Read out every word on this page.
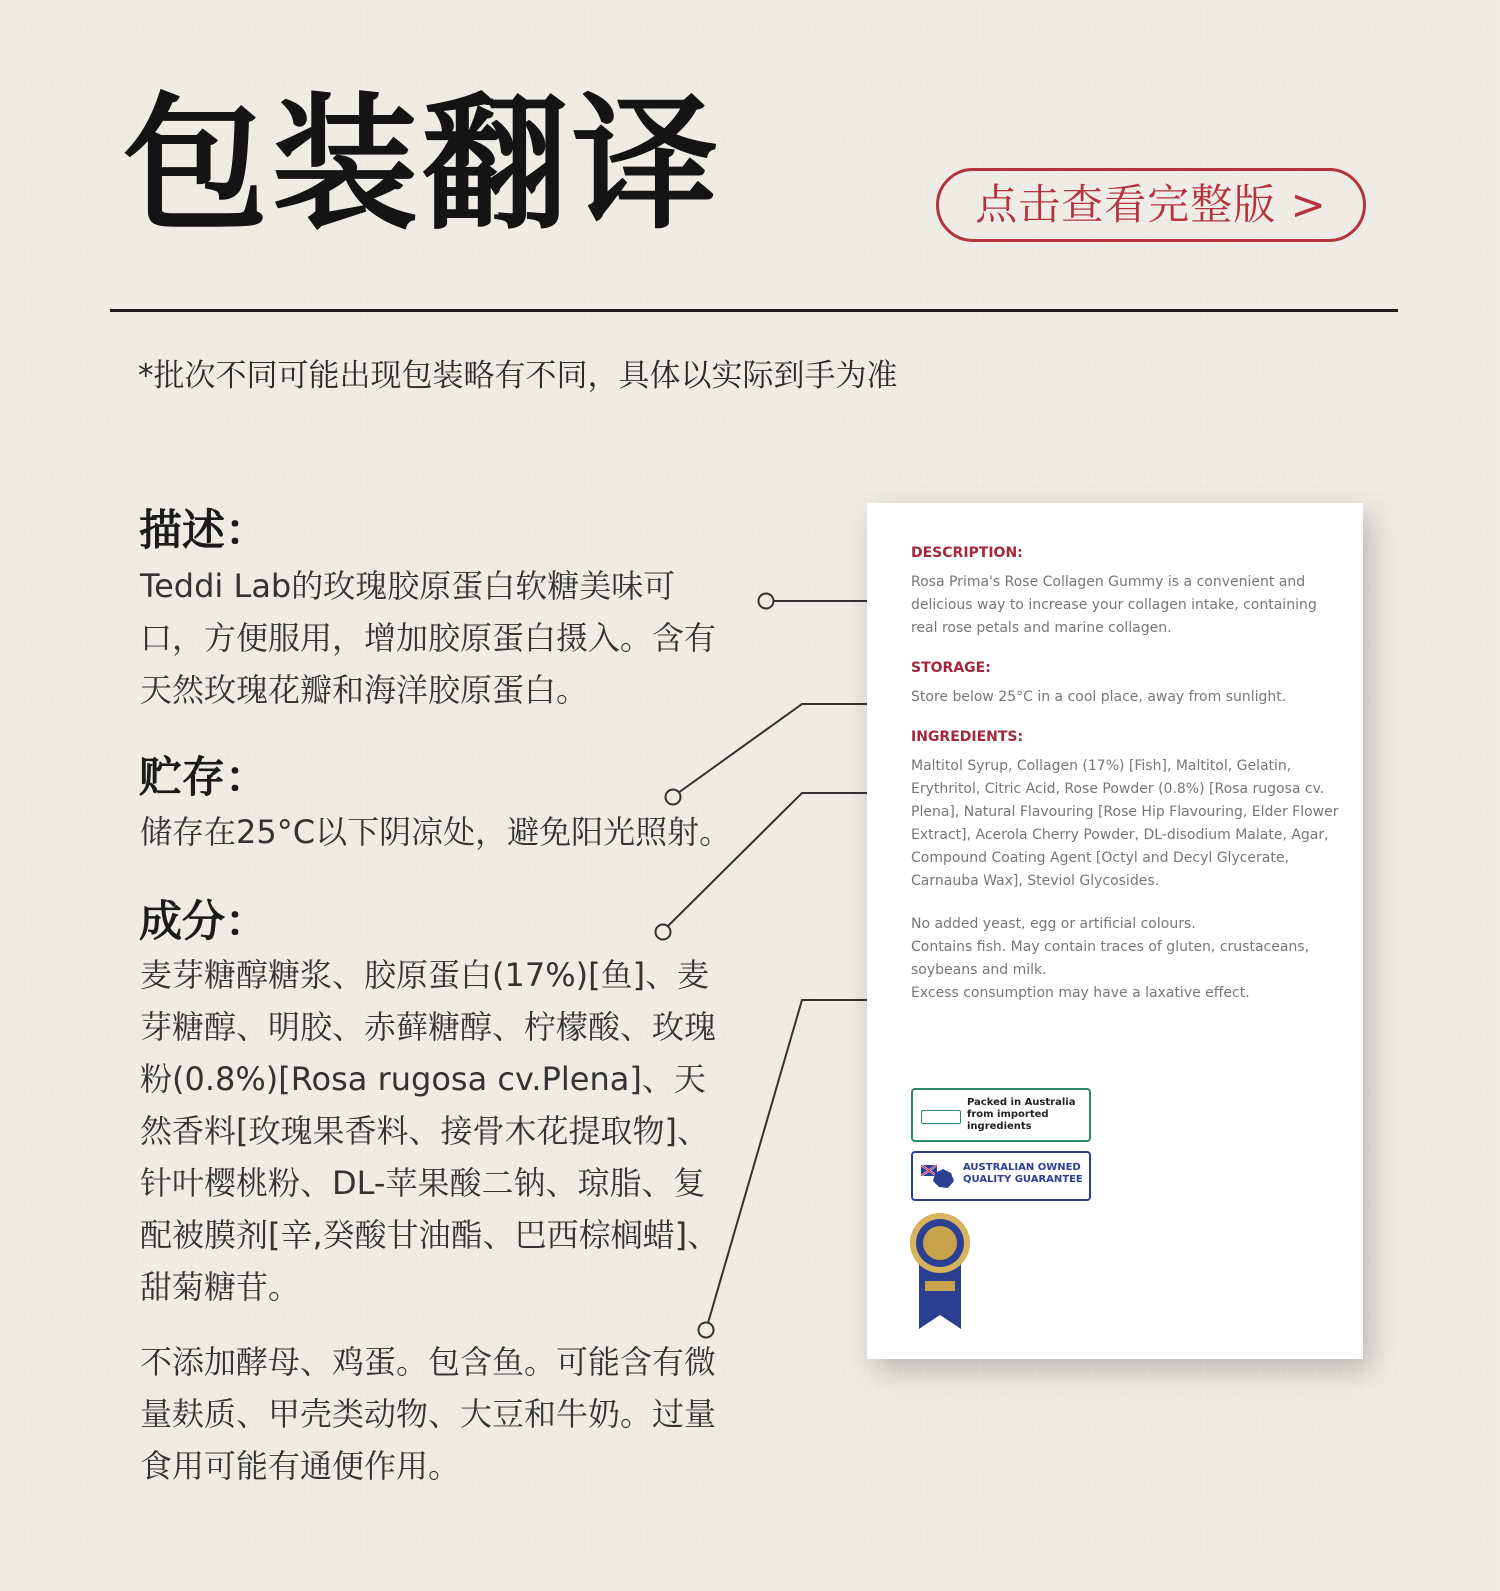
包装翻译	点击查看完整版 >
*批次不同可能出现包装略有不同，具体以实际到手为准
描述：

Teddi Lab的玫瑰胶原蛋白软糖美味可口，方便服用，增加胶原蛋白摄入。含有天然玫瑰花瓣和海洋胶原蛋白。

贮存：

储存在25°C以下阴凉处，避免阳光照射。

成分：

麦芽糖醇糖浆、胶原蛋白(17%)[鱼]、麦芽糖醇、明胶、赤藓糖醇、柠檬酸、玫瑰粉(0.8%)[Rosa rugosa cv.Plena]、天然香料[玫瑰果香料、接骨木花提取物]、针叶樱桃粉、DL-苹果酸二钠、琼脂、复配被膜剂[辛,癸酸甘油酯、巴西棕榈蜡]、甜菊糖苷。

不添加酵母、鸡蛋。包含鱼。可能含有微量麸质、甲壳类动物、大豆和牛奶。过量食用可能有通便作用。

DESCRIPTION:

Rosa Prima's Rose Collagen Gummy is a convenient and delicious way to increase your collagen intake, containing real rose petals and marine collagen.

STORAGE:

Store below 25°C in a cool place, away from sunlight.

INGREDIENTS:

Maltitol Syrup, Collagen (17%) [Fish], Maltitol, Gelatin, Erythritol, Citric Acid, Rose Powder (0.8%) [Rosa rugosa cv. Plena], Natural Flavouring [Rose Hip Flavouring, Elder Flower Extract], Acerola Cherry Powder, DL-disodium Malate, Agar, Compound Coating Agent [Octyl and Decyl Glycerate, Carnauba Wax], Steviol Glycosides.

No added yeast, egg or artificial colours.

Contains fish. May contain traces of gluten, crustaceans, soybeans and milk.

Excess consumption may have a laxative effect.

Packed in Australia from imported ingredients
AUSTRALIAN OWNED QUALITY GUARANTEE
